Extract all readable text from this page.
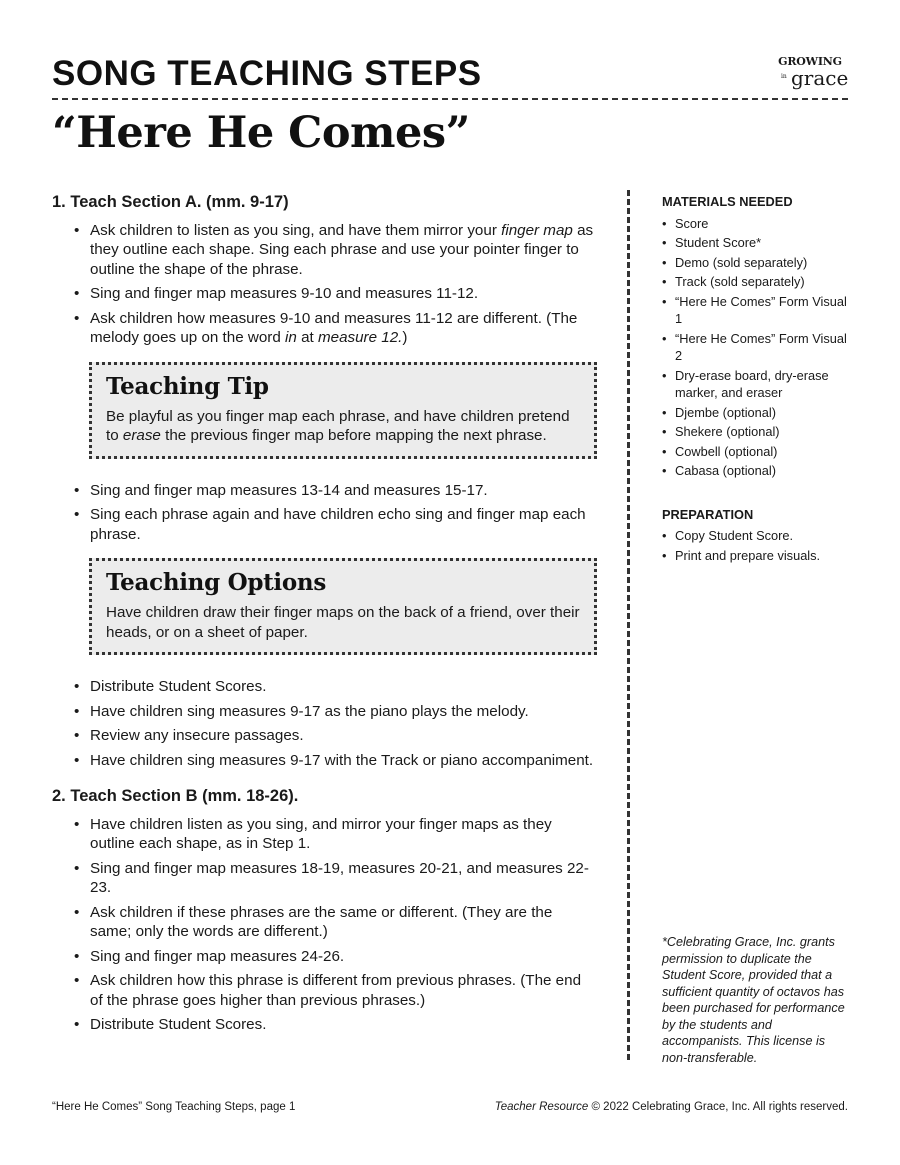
SONG TEACHING STEPS	GROWING
in grace
“Here He Comes”
1. Teach Section A. (mm. 9-17)
• Ask children to listen as you sing, and have them mirror your finger map as they outline each shape. Sing each phrase and use your pointer finger to outline the shape of the phrase.
• Sing and finger map measures 9-10 and measures 11-12.
• Ask children how measures 9-10 and measures 11-12 are different. (The melody goes up on the word in at measure 12.)
Teaching Tip

Be playful as you finger map each phrase, and have children pretend to erase the previous finger map before mapping the next phrase.

• Sing and finger map measures 13-14 and measures 15-17.
• Sing each phrase again and have children echo sing and finger map each phrase.
Teaching Options

Have children draw their finger maps on the back of a friend, over their heads, or on a sheet of paper.

• Distribute Student Scores.
• Have children sing measures 9-17 as the piano plays the melody.
• Review any insecure passages.
• Have children sing measures 9-17 with the Track or piano accompaniment.
2. Teach Section B (mm. 18-26).
• Have children listen as you sing, and mirror your finger maps as they outline each shape, as in Step 1.
• Sing and finger map measures 18-19, measures 20-21, and measures 22-23.
• Ask children if these phrases are the same or different. (They are the same; only the words are different.)
• Sing and finger map measures 24-26.
• Ask children how this phrase is different from previous phrases. (The end of the phrase goes higher than previous phrases.)
• Distribute Student Scores.
MATERIALS NEEDED
• Score
• Student Score*
• Demo (sold separately)
• Track (sold separately)
• “Here He Comes” Form Visual 1
• “Here He Comes” Form Visual 2
• Dry-erase board, dry-erase marker, and eraser
• Djembe (optional)
• Shekere (optional)
• Cowbell (optional)
• Cabasa (optional)
PREPARATION
• Copy Student Score.
• Print and prepare visuals.
*Celebrating Grace, Inc. grants permission to duplicate the Student Score, provided that a sufficient quantity of octavos has been purchased for performance by the students and accompanists. This license is non-transferable.
“Here He Comes” Song Teaching Steps, page 1	Teacher Resource © 2022 Celebrating Grace, Inc. All rights reserved.
